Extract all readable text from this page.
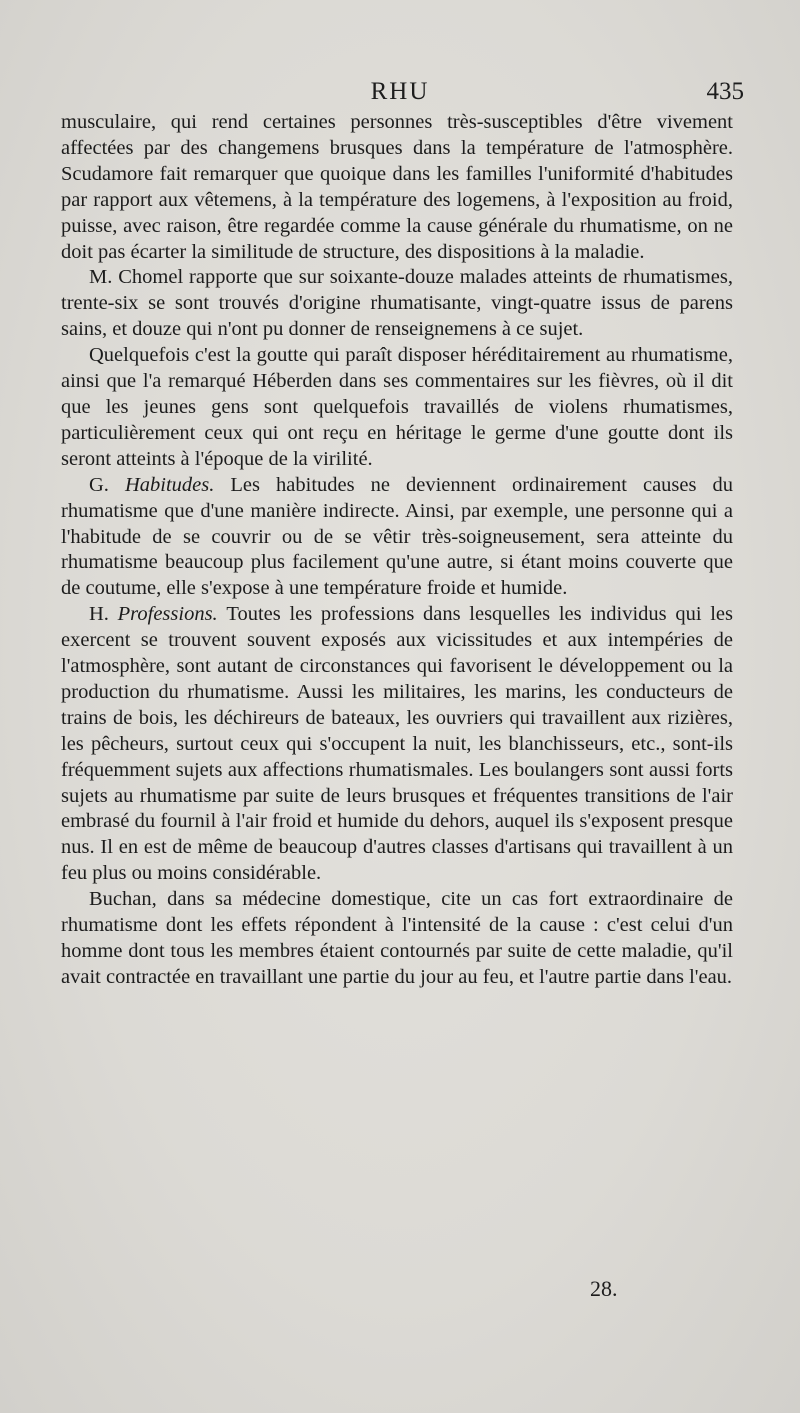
RHU	435

musculaire, qui rend certaines personnes très-susceptibles d'être vivement affectées par des changemens brusques dans la température de l'atmosphère. Scudamore fait remarquer que quoique dans les familles l'uniformité d'habitudes par rapport aux vêtemens, à la température des logemens, à l'exposition au froid, puisse, avec raison, être regardée comme la cause générale du rhumatisme, on ne doit pas écarter la similitude de structure, des dispositions à la maladie.

M. Chomel rapporte que sur soixante-douze malades atteints de rhumatismes, trente-six se sont trouvés d'origine rhumatisante, vingt-quatre issus de parens sains, et douze qui n'ont pu donner de renseignemens à ce sujet.

Quelquefois c'est la goutte qui paraît disposer héréditairement au rhumatisme, ainsi que l'a remarqué Héberden dans ses commentaires sur les fièvres, où il dit que les jeunes gens sont quelquefois travaillés de violens rhumatismes, particulièrement ceux qui ont reçu en héritage le germe d'une goutte dont ils seront atteints à l'époque de la virilité.

G. Habitudes. Les habitudes ne deviennent ordinairement causes du rhumatisme que d'une manière indirecte. Ainsi, par exemple, une personne qui a l'habitude de se couvrir ou de se vêtir très-soigneusement, sera atteinte du rhumatisme beaucoup plus facilement qu'une autre, si étant moins couverte que de coutume, elle s'expose à une température froide et humide.

H. Professions. Toutes les professions dans lesquelles les individus qui les exercent se trouvent souvent exposés aux vicissitudes et aux intempéries de l'atmosphère, sont autant de circonstances qui favorisent le développement ou la production du rhumatisme. Aussi les militaires, les marins, les conducteurs de trains de bois, les déchireurs de bateaux, les ouvriers qui travaillent aux rizières, les pêcheurs, surtout ceux qui s'occupent la nuit, les blanchisseurs, etc., sont-ils fréquemment sujets aux affections rhumatismales. Les boulangers sont aussi forts sujets au rhumatisme par suite de leurs brusques et fréquentes transitions de l'air embrasé du fournil à l'air froid et humide du dehors, auquel ils s'exposent presque nus. Il en est de même de beaucoup d'autres classes d'artisans qui travaillent à un feu plus ou moins considérable.

Buchan, dans sa médecine domestique, cite un cas fort extraordinaire de rhumatisme dont les effets répondent à l'intensité de la cause : c'est celui d'un homme dont tous les membres étaient contournés par suite de cette maladie, qu'il avait contractée en travaillant une partie du jour au feu, et l'autre partie dans l'eau.

28.
